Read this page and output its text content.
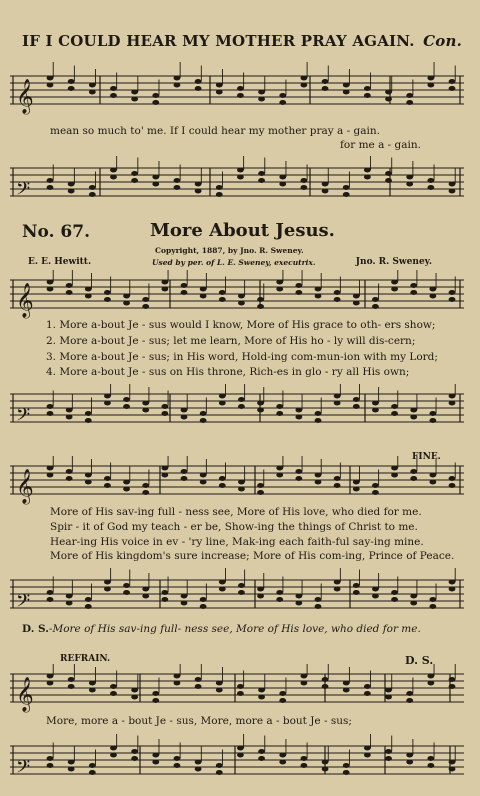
IF I COULD HEAR MY MOTHER PRAY AGAIN. Con.
𝄞
mean so much to' me. If I could hear my mother pray a - gain.
for me a - gain.
𝄢
No. 67.	More About Jesus.
Copyright, 1887, by Jno. R. Sweney.
Used by per. of L. E. Sweney, executrix.
E. E. Hewitt.	Jno. R. Sweney.
𝄞
1. More a-bout Je - sus would I know, More of His grace to oth- ers show;
2. More a-bout Je - sus; let me learn, More of His ho - ly will dis-cern;
3. More a-bout Je - sus; in His word, Hold-ing com-mun-ion with my Lord;
4. More a-bout Je - sus on His throne, Rich-es in glo - ry all His own;
𝄢
FINE.
𝄞
More of His sav-ing full - ness see, More of His love, who died for me.
Spir - it of God my teach - er be, Show-ing the things of Christ to me.
Hear-ing His voice in ev - 'ry line, Mak-ing each faith-ful say-ing mine.
More of His kingdom's sure increase; More of His com-ing, Prince of Peace.
𝄢
D. S.-More of His sav-ing full- ness see, More of His love, who died for me.
REFRAIN.	D. S.
𝄞
More, more a - bout Je - sus, More, more a - bout Je - sus;
𝄢
